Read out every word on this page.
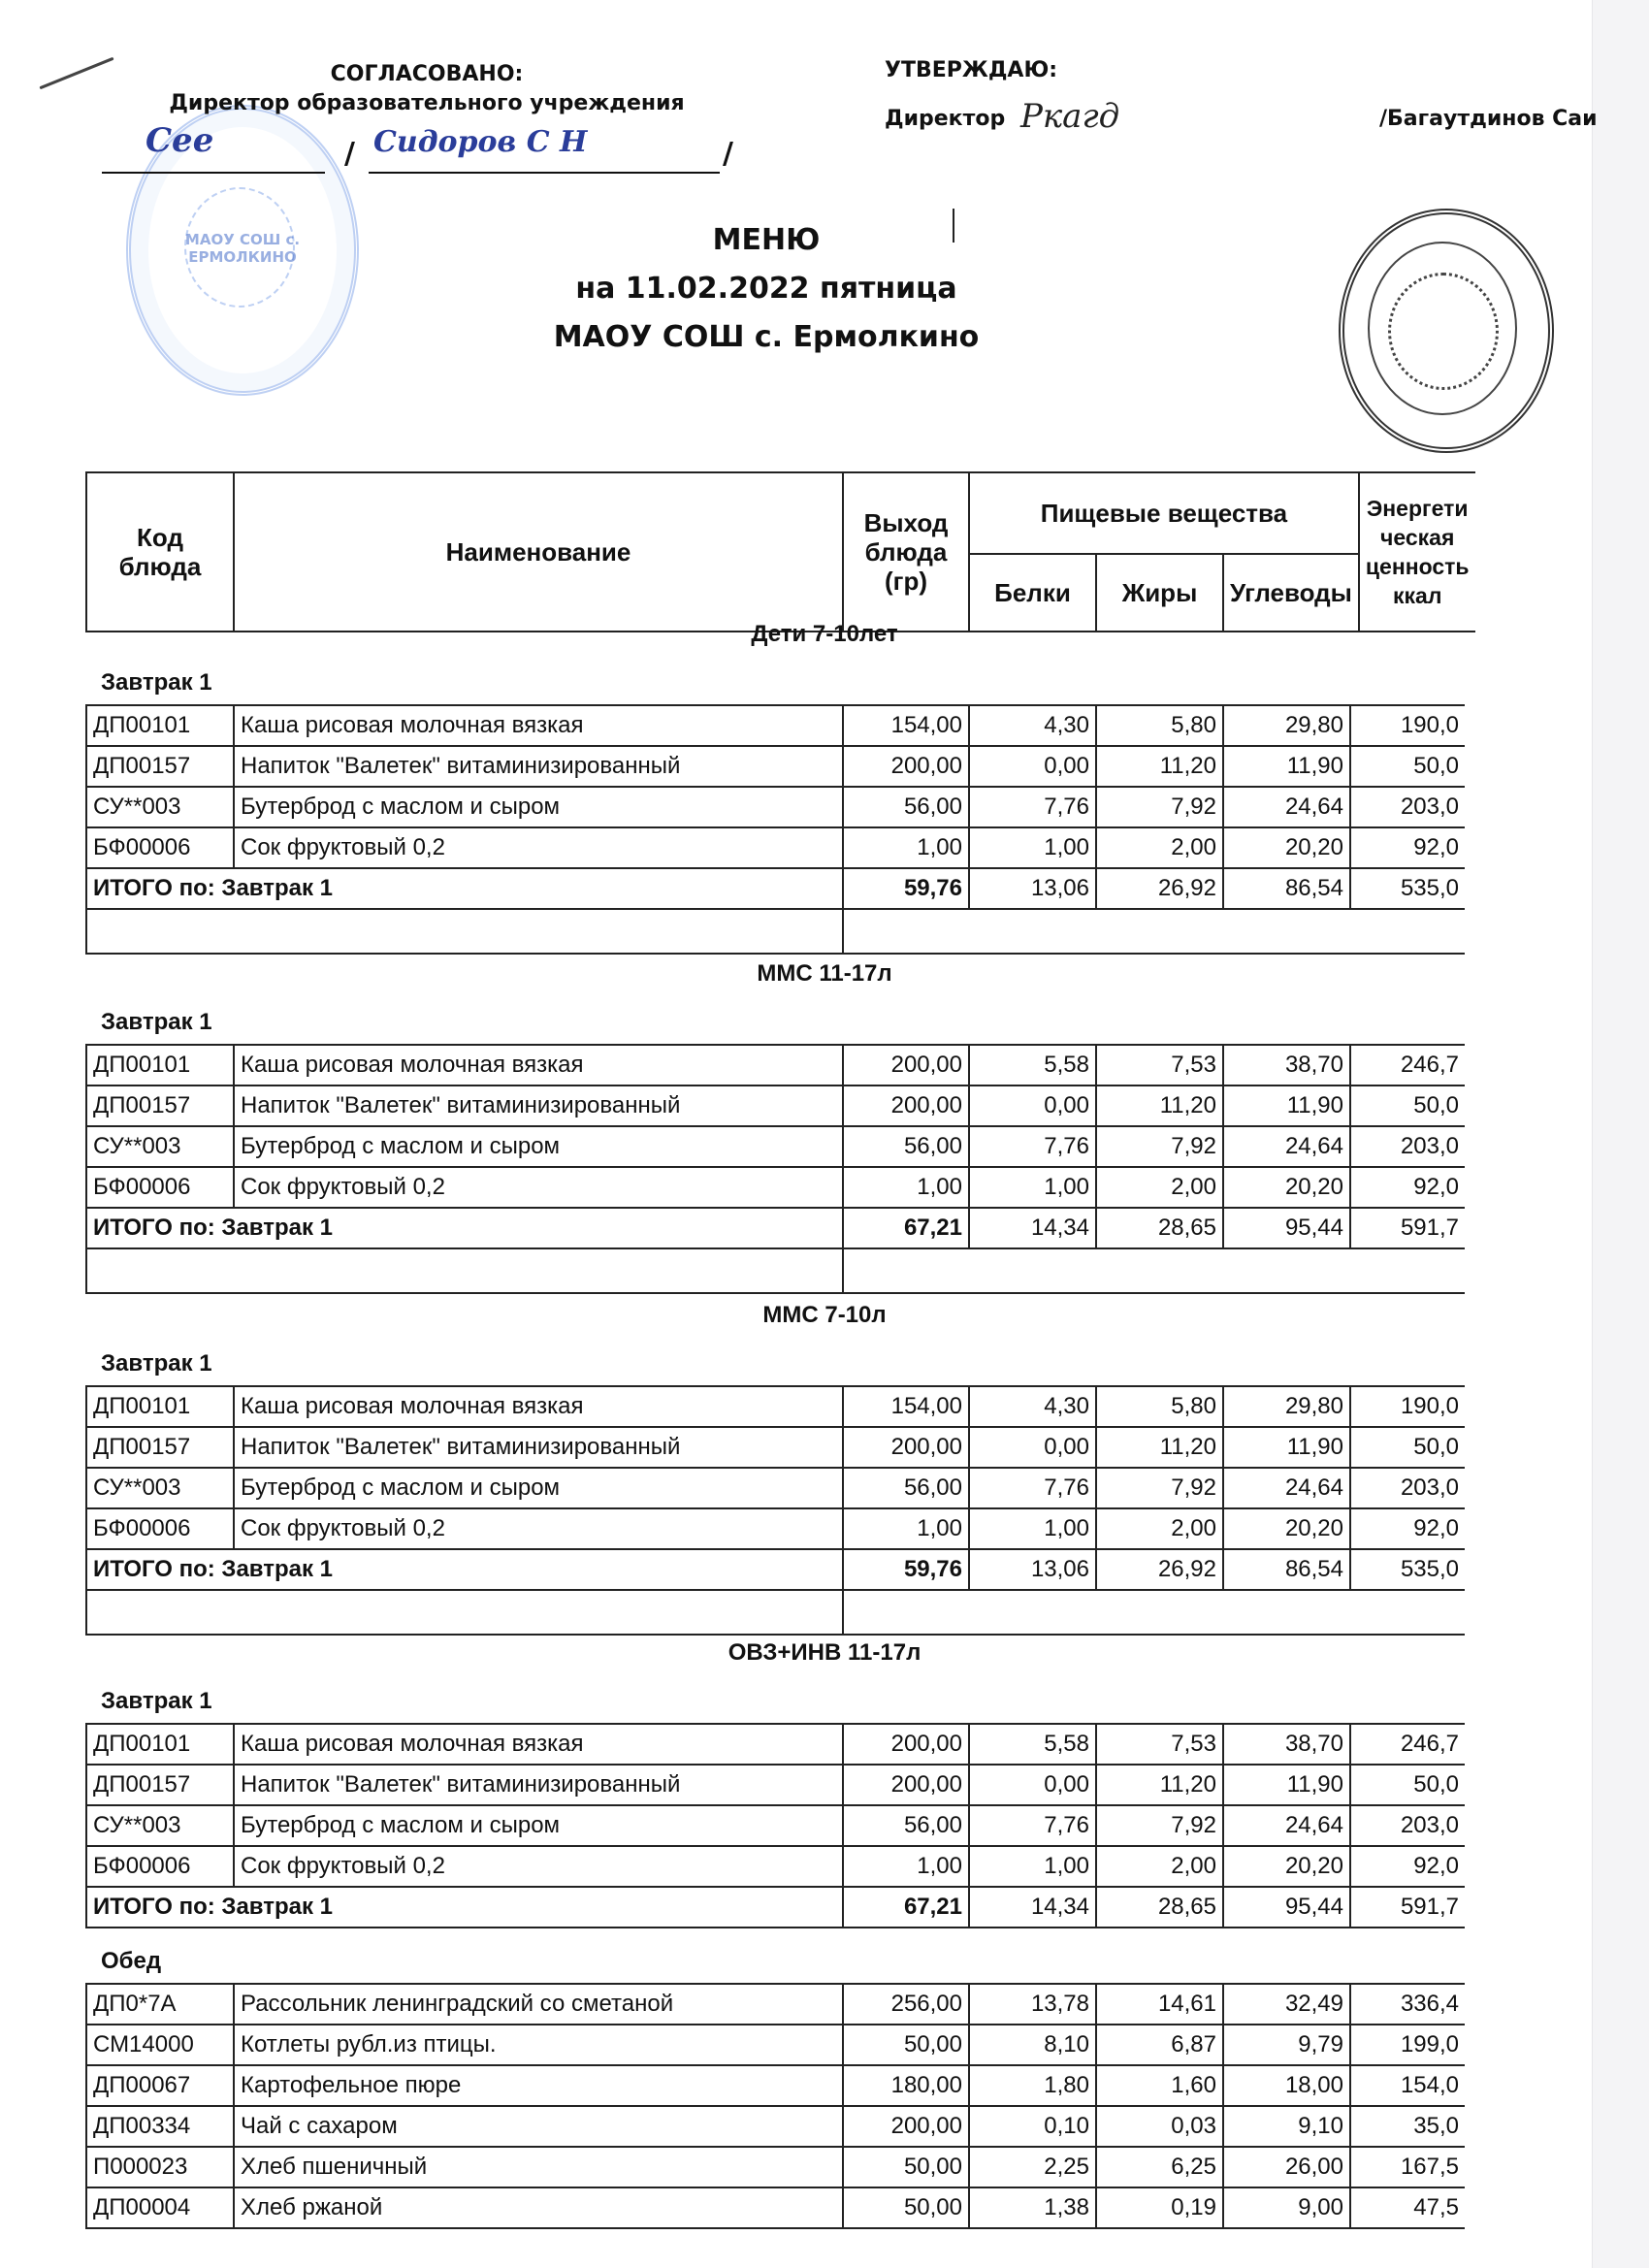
МАОУ СОШ с. ЕРМОЛКИНО
СОГЛАСОВАНО:
Директор образовательного учреждения
Сее	/ Сидоров С Н	/
УТВЕРЖДАЮ:
Директор Ркагд	/Багаутдинов Саи
МЕНЮ
на 11.02.2022 пятница
МАОУ СОШ с. Ермолкино
Код блюда	Наименование	Выход блюда (гр)	Пищевые вещества			Энергети ческая ценность ккал
			Белки	Жиры	Углеводы	
Дети 7-10лет
Завтрак 1
ДП00101	Каша рисовая молочная вязкая	154,00	4,30	5,80	29,80	190,0
ДП00157	Напиток "Валетек" витаминизированный	200,00	0,00	11,20	11,90	50,0
СУ**003	Бутерброд с маслом и сыром	56,00	7,76	7,92	24,64	203,0
БФ00006	Сок фруктовый 0,2	1,00	1,00	2,00	20,20	92,0
ИТОГО по: Завтрак 1		59,76	13,06	26,92	86,54	535,0

ММС 11-17л
Завтрак 1
ДП00101	Каша рисовая молочная вязкая	200,00	5,58	7,53	38,70	246,7
ДП00157	Напиток "Валетек" витаминизированный	200,00	0,00	11,20	11,90	50,0
СУ**003	Бутерброд с маслом и сыром	56,00	7,76	7,92	24,64	203,0
БФ00006	Сок фруктовый 0,2	1,00	1,00	2,00	20,20	92,0
ИТОГО по: Завтрак 1		67,21	14,34	28,65	95,44	591,7

ММС 7-10л
Завтрак 1
ДП00101	Каша рисовая молочная вязкая	154,00	4,30	5,80	29,80	190,0
ДП00157	Напиток "Валетек" витаминизированный	200,00	0,00	11,20	11,90	50,0
СУ**003	Бутерброд с маслом и сыром	56,00	7,76	7,92	24,64	203,0
БФ00006	Сок фруктовый 0,2	1,00	1,00	2,00	20,20	92,0
ИТОГО по: Завтрак 1		59,76	13,06	26,92	86,54	535,0

ОВЗ+ИНВ 11-17л
Завтрак 1
ДП00101	Каша рисовая молочная вязкая	200,00	5,58	7,53	38,70	246,7
ДП00157	Напиток "Валетек" витаминизированный	200,00	0,00	11,20	11,90	50,0
СУ**003	Бутерброд с маслом и сыром	56,00	7,76	7,92	24,64	203,0
БФ00006	Сок фруктовый 0,2	1,00	1,00	2,00	20,20	92,0
ИТОГО по: Завтрак 1		67,21	14,34	28,65	95,44	591,7
Обед
ДП0*7А	Рассольник ленинградский со сметаной	256,00	13,78	14,61	32,49	336,4
СМ14000	Котлеты рубл.из птицы.	50,00	8,10	6,87	9,79	199,0
ДП00067	Картофельное пюре	180,00	1,80	1,60	18,00	154,0
ДП00334	Чай с сахаром	200,00	0,10	0,03	9,10	35,0
П000023	Хлеб пшеничный	50,00	2,25	6,25	26,00	167,5
ДП00004	Хлеб ржаной	50,00	1,38	0,19	9,00	47,5
